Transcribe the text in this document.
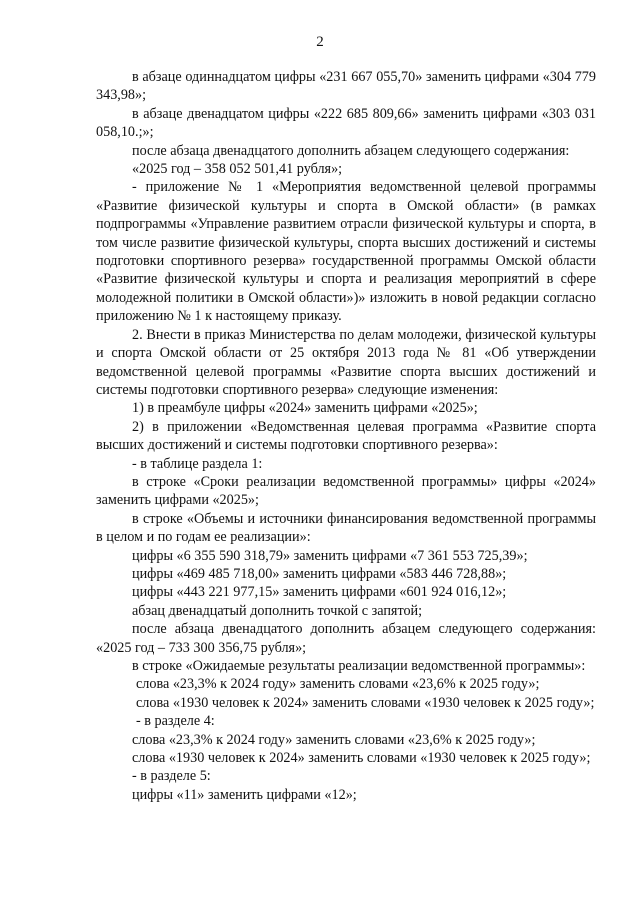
2

в абзаце одиннадцатом цифры «231 667 055,70» заменить цифрами «304 779 343,98»;

в абзаце двенадцатом цифры «222 685 809,66» заменить цифрами «303 031 058,10.;»;

после абзаца двенадцатого дополнить абзацем следующего содержания:

«2025 год – 358 052 501,41 рубля»;

- приложение № 1 «Мероприятия ведомственной целевой программы «Развитие физической культуры и спорта в Омской области» (в рамках подпрограммы «Управление развитием отрасли физической культуры и спорта, в том числе развитие физической культуры, спорта высших достижений и системы подготовки спортивного резерва» государственной программы Омской области «Развитие физической культуры и спорта и реализация мероприятий в сфере молодежной политики в Омской области»)» изложить в новой редакции согласно приложению № 1 к настоящему приказу.

2. Внести в приказ Министерства по делам молодежи, физической культуры и спорта Омской области от 25 октября 2013 года № 81 «Об утверждении ведомственной целевой программы «Развитие спорта высших достижений и системы подготовки спортивного резерва» следующие изменения:

1) в преамбуле цифры «2024» заменить цифрами «2025»;

2) в приложении «Ведомственная целевая программа «Развитие спорта высших достижений и системы подготовки спортивного резерва»:

- в таблице раздела 1:

в строке «Сроки реализации ведомственной программы» цифры «2024» заменить цифрами «2025»;

в строке «Объемы и источники финансирования ведомственной программы в целом и по годам ее реализации»:

цифры «6 355 590 318,79» заменить цифрами «7 361 553 725,39»;

цифры «469 485 718,00» заменить цифрами «583 446 728,88»;

цифры «443 221 977,15» заменить цифрами «601 924 016,12»;

абзац двенадцатый дополнить точкой с запятой;

после абзаца двенадцатого дополнить абзацем следующего содержания: «2025 год – 733 300 356,75 рубля»;

в строке «Ожидаемые результаты реализации ведомственной программы»:

слова «23,3% к 2024 году» заменить словами «23,6% к 2025 году»;

слова «1930 человек к 2024» заменить словами «1930 человек к 2025 году»;

- в разделе 4:

слова «23,3% к 2024 году» заменить словами «23,6% к 2025 году»;

слова «1930 человек к 2024» заменить словами «1930 человек к 2025 году»;

- в разделе 5:

цифры «11» заменить цифрами «12»;
